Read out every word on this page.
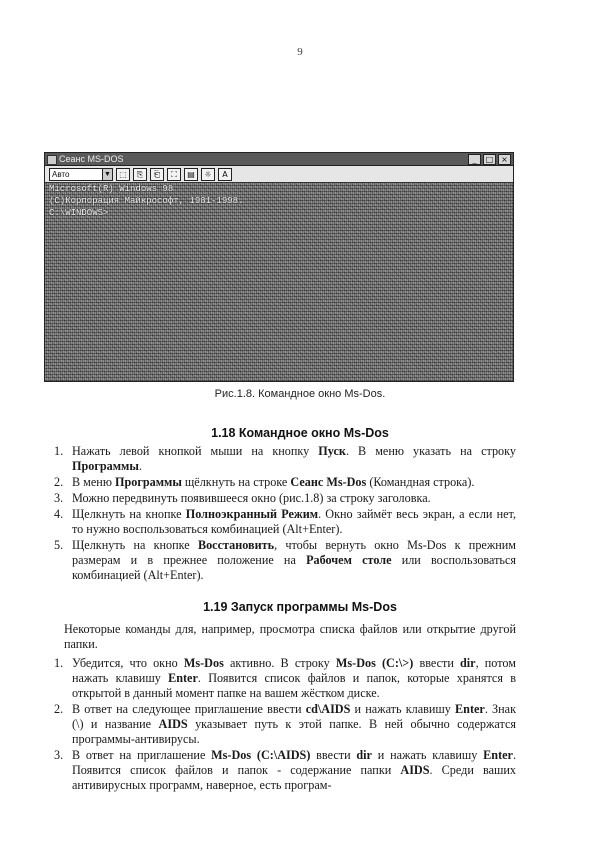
9
Сеанс MS-DOS	_	□ ×
Авто	▼	⬚	⎘	⎗	⛶	▤	☼	A
Microsoft(R) Windows 98
(C)Корпорация Майкрософт, 1981-1998.
C:\WINDOWS>
Рис.1.8. Командное окно Ms-Dos.
1.18 Командное окно Ms-Dos
1. Нажать левой кнопкой мыши на кнопку Пуск. В меню указать на строку Программы.
2. В меню Программы щёлкнуть на строке Сеанс Ms-Dos (Командная строка).
3. Можно передвинуть появившееся окно (рис.1.8) за строку заголовка.
4. Щелкнуть на кнопке Полноэкранный Режим. Окно займёт весь экран, а если нет, то нужно воспользоваться комбинацией (Alt+Enter).
5. Щелкнуть на кнопке Восстановить, чтобы вернуть окно Ms-Dos к прежним размерам и в прежнее положение на Рабочем столе или воспользоваться комбинацией (Alt+Enter).
1.19 Запуск программы Ms-Dos
Некоторые команды для, например, просмотра списка файлов или открытие другой папки.
1. Убедится, что окно Ms-Dos активно. В строку Ms-Dos (C:\>) ввести dir, потом нажать клавишу Enter. Появится список файлов и папок, которые хранятся в открытой в данный момент папке на вашем жёстком диске.
2. В ответ на следующее приглашение ввести cd\AIDS и нажать клавишу Enter. Знак (\) и название AIDS указывает путь к этой папке. В ней обычно содержатся программы-антивирусы.
3. В ответ на приглашение Ms-Dos (C:\AIDS) ввести dir и нажать клавишу Enter. Появится список файлов и папок - содержание папки AIDS. Среди ваших антивирусных программ, наверное, есть програм-
